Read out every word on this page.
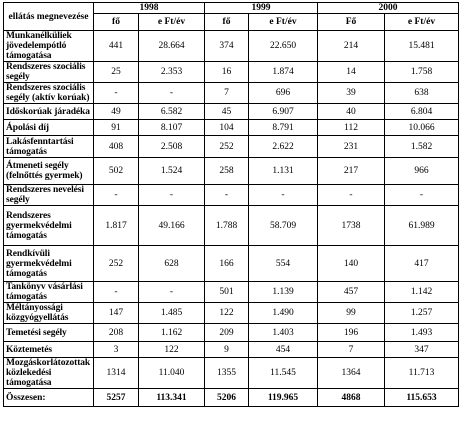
ellátás megnevezése	1998		1999		2000	
	fő	e Ft/év	fő	e Ft/év	Fő	e Ft/év
Munkanélküliek jövedelempótló támogatása	441	28.664	374	22.650	214	15.481
Rendszeres szociális segély	25	2.353	16	1.874	14	1.758
Rendszeres szociális segély (aktív korúak)	-	-	7	696	39	638
Időskorúak járadéka	49	6.582	45	6.907	40	6.804
Ápolási díj	91	8.107	104	8.791	112	10.066
Lakásfenntartási támogatás	408	2.508	252	2.622	231	1.582
Átmeneti segély (felnőttés gyermek)	502	1.524	258	1.131	217	966
Rendszeres nevelési segély	-	-	-	-	-	-
Rendszeres gyermekvédelmi támogatás	1.817	49.166	1.788	58.709	1738	61.989
Rendkívüli gyermekvédelmi támogatás	252	628	166	554	140	417
Tankönyv vásárlási támogatás	-	-	501	1.139	457	1.142
Méltányossági közgyógyellátás	147	1.485	122	1.490	99	1.257
Temetési segély	208	1.162	209	1.403	196	1.493
Köztemetés	3	122	9	454	7	347
Mozgáskorlátozottak közlekedési támogatása	1314	11.040	1355	11.545	1364	11.713
Összesen:	5257	113.341	5206	119.965	4868	115.653
